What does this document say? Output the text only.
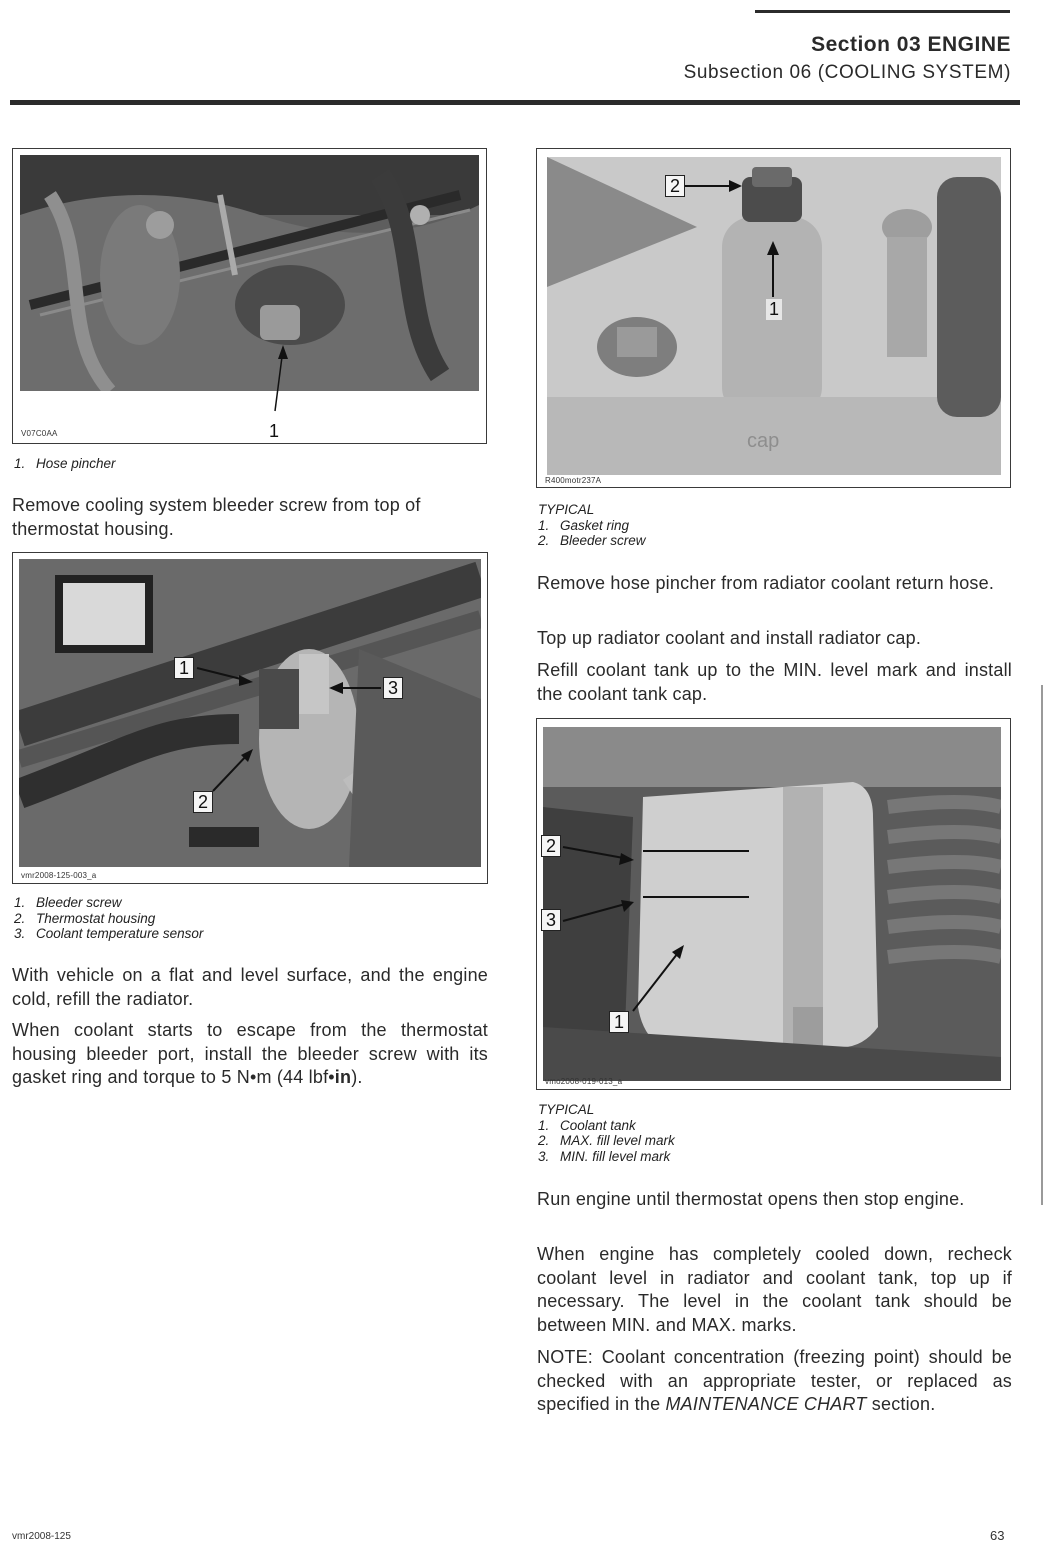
Section 03 ENGINE
Subsection 06 (COOLING SYSTEM)
1
V07C0AA
1. Hose pincher
Remove cooling system bleeder screw from top of thermostat housing.
1
2
3
vmr2008-125-003_a
1. Bleeder screw
2. Thermostat housing
3. Coolant temperature sensor
With vehicle on a flat and level surface, and the engine cold, refill the radiator.
When coolant starts to escape from the thermostat housing bleeder port, install the bleeder screw with its gasket ring and torque to 5 N•m (44 lbf•in).
cap
2
1
R400motr237A
TYPICAL
1. Gasket ring
2. Bleeder screw
Remove hose pincher from radiator coolant return hose.
Top up radiator coolant and install radiator cap.
Refill coolant tank up to the MIN. level mark and install the coolant tank cap.
2
3
1
vmo2008-019-013_a
TYPICAL
1. Coolant tank
2. MAX. fill level mark
3. MIN. fill level mark
Run engine until thermostat opens then stop engine.
When engine has completely cooled down, recheck coolant level in radiator and coolant tank, top up if necessary. The level in the coolant tank should be between MIN. and MAX. marks.
NOTE: Coolant concentration (freezing point) should be checked with an appropriate tester, or replaced as specified in the MAINTENANCE CHART section.
vmr2008-125	63
